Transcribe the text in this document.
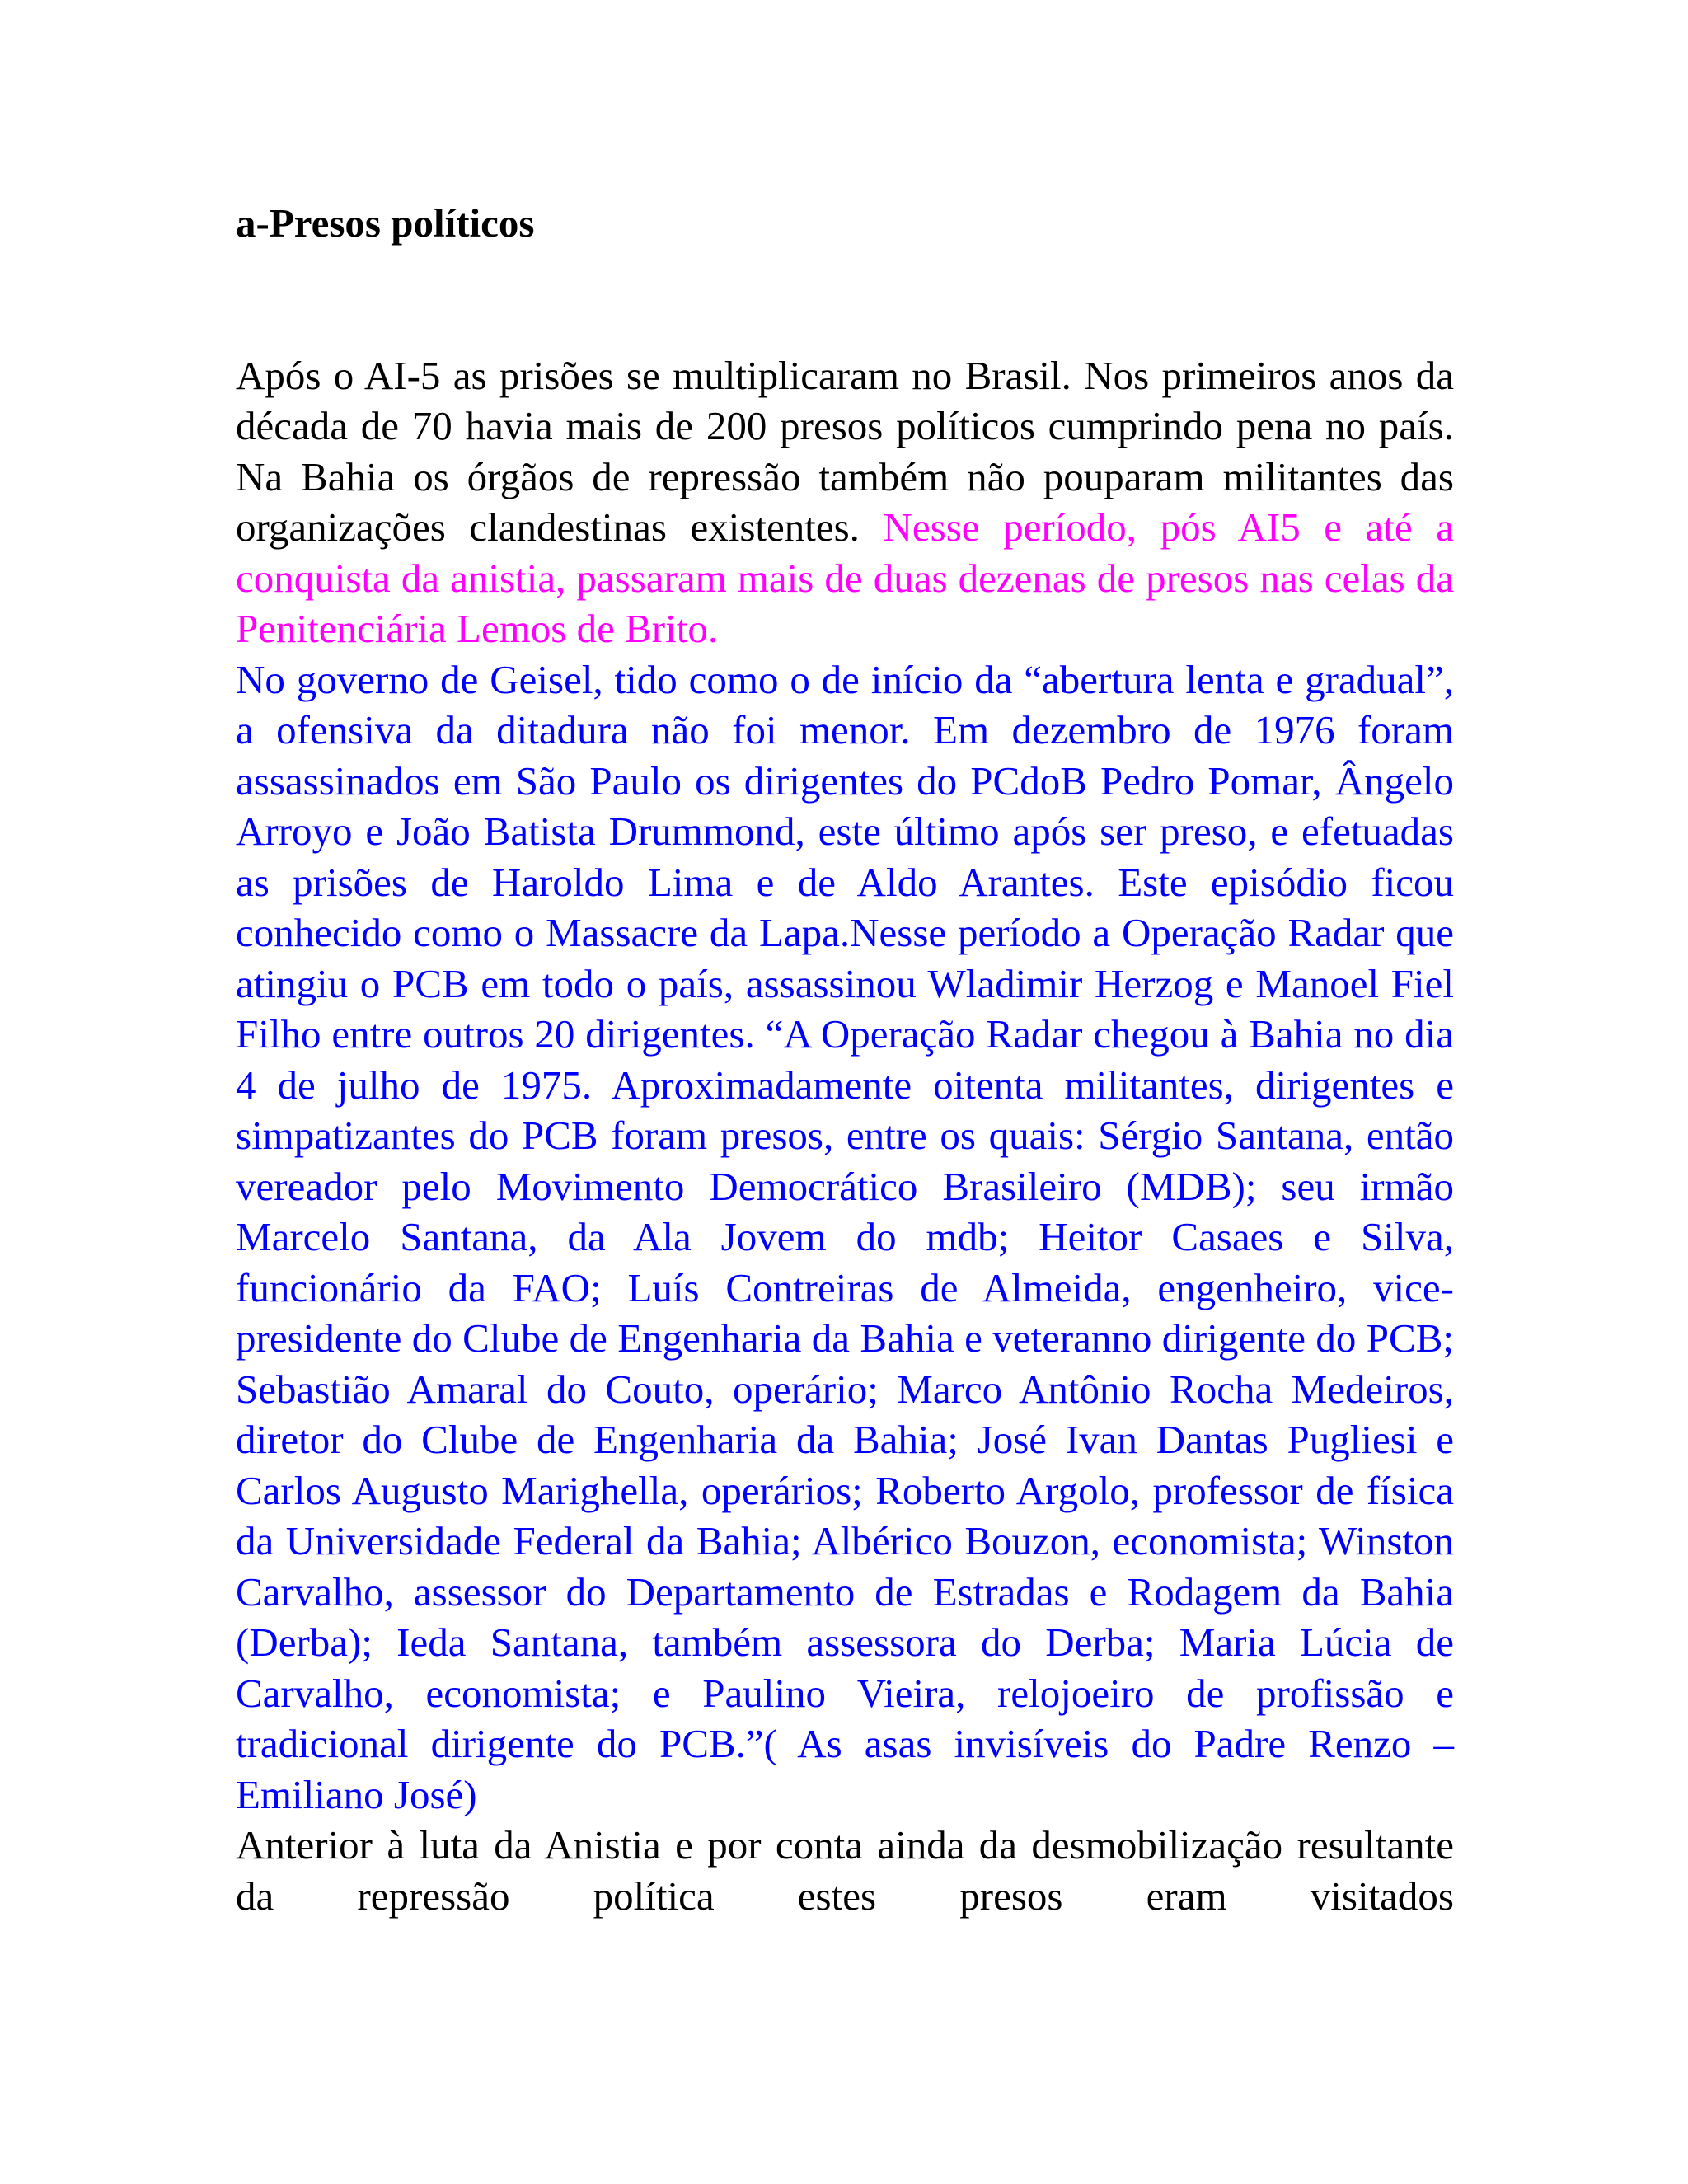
a-Presos políticos

Após o AI-5 as prisões se multiplicaram no Brasil. Nos primeiros anos da década de 70 havia mais de 200 presos políticos cumprindo pena no país. Na Bahia os órgãos de repressão também não pouparam militantes das organizações clandestinas existentes. Nesse período, pós AI5 e até a conquista da anistia, passaram mais de duas dezenas de presos nas celas da Penitenciária Lemos de Brito.

No governo de Geisel, tido como o de início da “abertura lenta e gradual”, a ofensiva da ditadura não foi menor. Em dezembro de 1976 foram assassinados em São Paulo os dirigentes do PCdoB Pedro Pomar, Ângelo Arroyo e João Batista Drummond, este último após ser preso, e efetuadas as prisões de Haroldo Lima e de Aldo Arantes. Este episódio ficou conhecido como o Massacre da Lapa.Nesse período a Operação Radar que atingiu o PCB em todo o país, assassinou Wladimir Herzog e Manoel Fiel Filho entre outros 20 dirigentes. “A Operação Radar chegou à Bahia no dia 4 de julho de 1975. Aproximadamente oitenta militantes, dirigentes e simpatizantes do PCB foram presos, entre os quais: Sérgio Santana, então vereador pelo Movimento Democrático Brasileiro (MDB); seu irmão Marcelo Santana, da Ala Jovem do mdb; Heitor Casaes e Silva, funcionário da FAO; Luís Contreiras de Almeida, engenheiro, vice-presidente do Clube de Engenharia da Bahia e veteranno dirigente do PCB; Sebastião Amaral do Couto, operário; Marco Antônio Rocha Medeiros, diretor do Clube de Engenharia da Bahia; José Ivan Dantas Pugliesi e Carlos Augusto Marighella, operários; Roberto Argolo, professor de física da Universidade Federal da Bahia; Albérico Bouzon, economista; Winston Carvalho, assessor do Departamento de Estradas e Rodagem da Bahia (Derba); Ieda Santana, também assessora do Derba; Maria Lúcia de Carvalho, economista; e Paulino Vieira, relojoeiro de profissão e tradicional dirigente do PCB.”( As asas invisíveis do Padre Renzo – Emiliano José)

Anterior à luta da Anistia e por conta ainda da desmobilização resultante da repressão política estes presos eram visitados
